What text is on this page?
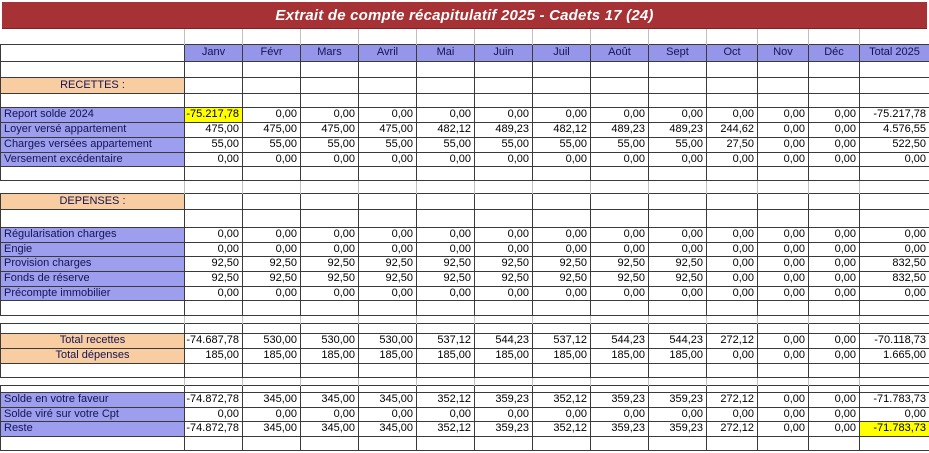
Extrait de compte récapitulatif 2025 - Cadets 17 (24)

	Janv	Févr	Mars	Avril	Mai	Juin	Juil	Août	Sept	Oct	Nov	Déc	Total 2025

RECETTES :													

Report solde 2024	-75.217,78	0,00	0,00	0,00	0,00	0,00	0,00	0,00	0,00	0,00	0,00	0,00	-75.217,78
Loyer versé appartement	475,00	475,00	475,00	475,00	482,12	489,23	482,12	489,23	489,23	244,62	0,00	0,00	4.576,55
Charges versées appartement	55,00	55,00	55,00	55,00	55,00	55,00	55,00	55,00	55,00	27,50	0,00	0,00	522,50
Versement excédentaire	0,00	0,00	0,00	0,00	0,00	0,00	0,00	0,00	0,00	0,00	0,00	0,00	0,00

DEPENSES :													

Régularisation charges	0,00	0,00	0,00	0,00	0,00	0,00	0,00	0,00	0,00	0,00	0,00	0,00	0,00
Engie	0,00	0,00	0,00	0,00	0,00	0,00	0,00	0,00	0,00	0,00	0,00	0,00	0,00
Provision charges	92,50	92,50	92,50	92,50	92,50	92,50	92,50	92,50	92,50	0,00	0,00	0,00	832,50
Fonds de réserve	92,50	92,50	92,50	92,50	92,50	92,50	92,50	92,50	92,50	0,00	0,00	0,00	832,50
Précompte immobilier	0,00	0,00	0,00	0,00	0,00	0,00	0,00	0,00	0,00	0,00	0,00	0,00	0,00

Total recettes	-74.687,78	530,00	530,00	530,00	537,12	544,23	537,12	544,23	544,23	272,12	0,00	0,00	-70.118,73
Total dépenses	185,00	185,00	185,00	185,00	185,00	185,00	185,00	185,00	185,00	0,00	0,00	0,00	1.665,00

Solde en votre faveur	-74.872,78	345,00	345,00	345,00	352,12	359,23	352,12	359,23	359,23	272,12	0,00	0,00	-71.783,73
Solde viré sur votre Cpt	0,00	0,00	0,00	0,00	0,00	0,00	0,00	0,00	0,00	0,00	0,00	0,00	0,00
Reste	-74.872,78	345,00	345,00	345,00	352,12	359,23	352,12	359,23	359,23	272,12	0,00	0,00	-71.783,73
